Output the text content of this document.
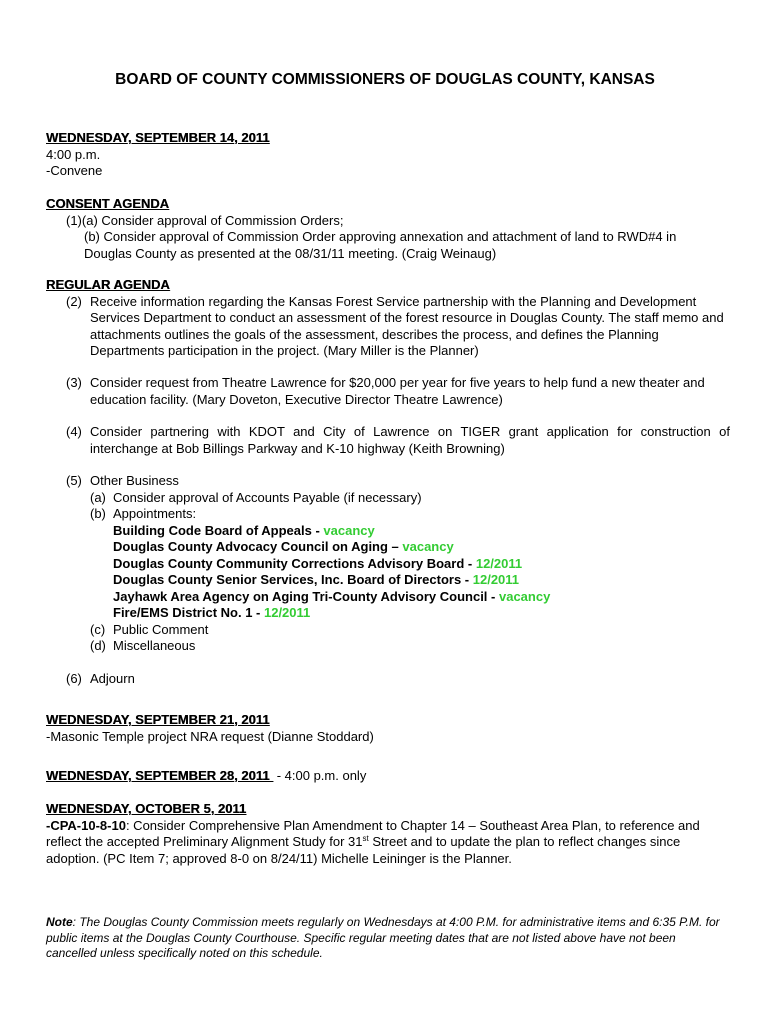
BOARD OF COUNTY COMMISSIONERS OF DOUGLAS COUNTY, KANSAS

WEDNESDAY, SEPTEMBER 14, 2011

4:00 p.m.

-Convene

CONSENT AGENDA

(1)(a) Consider approval of Commission Orders;

(b) Consider approval of Commission Order approving annexation and attachment of land to RWD#4 in

Douglas County as presented at the 08/31/11 meeting. (Craig Weinaug)

REGULAR AGENDA

(2) Receive information regarding the Kansas Forest Service partnership with the Planning and Development Services Department to conduct an assessment of the forest resource in Douglas County. The staff memo and attachments outlines the goals of the assessment, describes the process, and defines the Planning Departments participation in the project. (Mary Miller is the Planner)

(3) Consider request from Theatre Lawrence for $20,000 per year for five years to help fund a new theater and education facility. (Mary Doveton, Executive Director Theatre Lawrence)

(4) Consider partnering with KDOT and City of Lawrence on TIGER grant application for construction of interchange at Bob Billings Parkway and K-10 highway (Keith Browning)

(5) Other Business

(a) Consider approval of Accounts Payable (if necessary)

(b) Appointments:

Building Code Board of Appeals - vacancy

Douglas County Advocacy Council on Aging – vacancy

Douglas County Community Corrections Advisory Board - 12/2011

Douglas County Senior Services, Inc. Board of Directors - 12/2011

Jayhawk Area Agency on Aging Tri-County Advisory Council - vacancy

Fire/EMS District No. 1 - 12/2011

(c) Public Comment

(d) Miscellaneous

(6) Adjourn

WEDNESDAY, SEPTEMBER 21, 2011

-Masonic Temple project NRA request (Dianne Stoddard)

WEDNESDAY, SEPTEMBER 28, 2011  - 4:00 p.m. only

WEDNESDAY, OCTOBER 5, 2011

-CPA-10-8-10: Consider Comprehensive Plan Amendment to Chapter 14 – Southeast Area Plan, to reference and reflect the accepted Preliminary Alignment Study for 31st Street and to update the plan to reflect changes since adoption. (PC Item 7; approved 8-0 on 8/24/11) Michelle Leininger is the Planner.

Note: The Douglas County Commission meets regularly on Wednesdays at 4:00 P.M. for administrative items and 6:35 P.M. for public items at the Douglas County Courthouse. Specific regular meeting dates that are not listed above have not been cancelled unless specifically noted on this schedule.
